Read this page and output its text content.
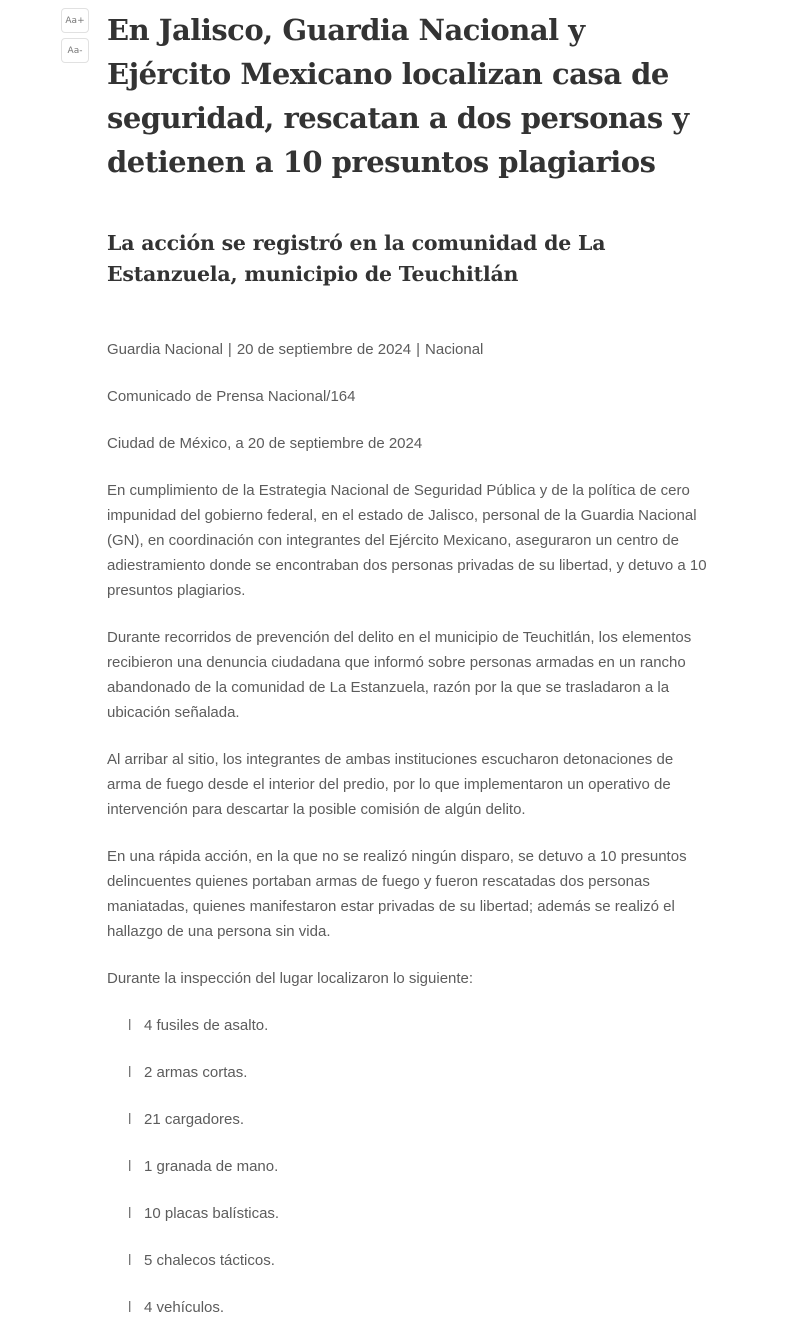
Aa+
Aa-
En Jalisco, Guardia Nacional y Ejército Mexicano localizan casa de seguridad, rescatan a dos personas y detienen a 10 presuntos plagiarios
La acción se registró en la comunidad de La Estanzuela, municipio de Teuchitlán

Guardia Nacional | 20 de septiembre de 2024 | Nacional

Comunicado de Prensa Nacional/164

Ciudad de México, a 20 de septiembre de 2024

En cumplimiento de la Estrategia Nacional de Seguridad Pública y de la política de cero impunidad del gobierno federal, en el estado de Jalisco, personal de la Guardia Nacional (GN), en coordinación con integrantes del Ejército Mexicano, aseguraron un centro de adiestramiento donde se encontraban dos personas privadas de su libertad, y detuvo a 10 presuntos plagiarios.

Durante recorridos de prevención del delito en el municipio de Teuchitlán, los elementos recibieron una denuncia ciudadana que informó sobre personas armadas en un rancho abandonado de la comunidad de La Estanzuela, razón por la que se trasladaron a la ubicación señalada.

Al arribar al sitio, los integrantes de ambas instituciones escucharon detonaciones de arma de fuego desde el interior del predio, por lo que implementaron un operativo de intervención para descartar la posible comisión de algún delito.

En una rápida acción, en la que no se realizó ningún disparo, se detuvo a 10 presuntos delincuentes quienes portaban armas de fuego y fueron rescatadas dos personas maniatadas, quienes manifestaron estar privadas de su libertad; además se realizó el hallazgo de una persona sin vida.

Durante la inspección del lugar localizaron lo siguiente:

l 4 fusiles de asalto.
l 2 armas cortas.
l 21 cargadores.
l 1 granada de mano.
l 10 placas balísticas.
l 5 chalecos tácticos.
l 4 vehículos.
